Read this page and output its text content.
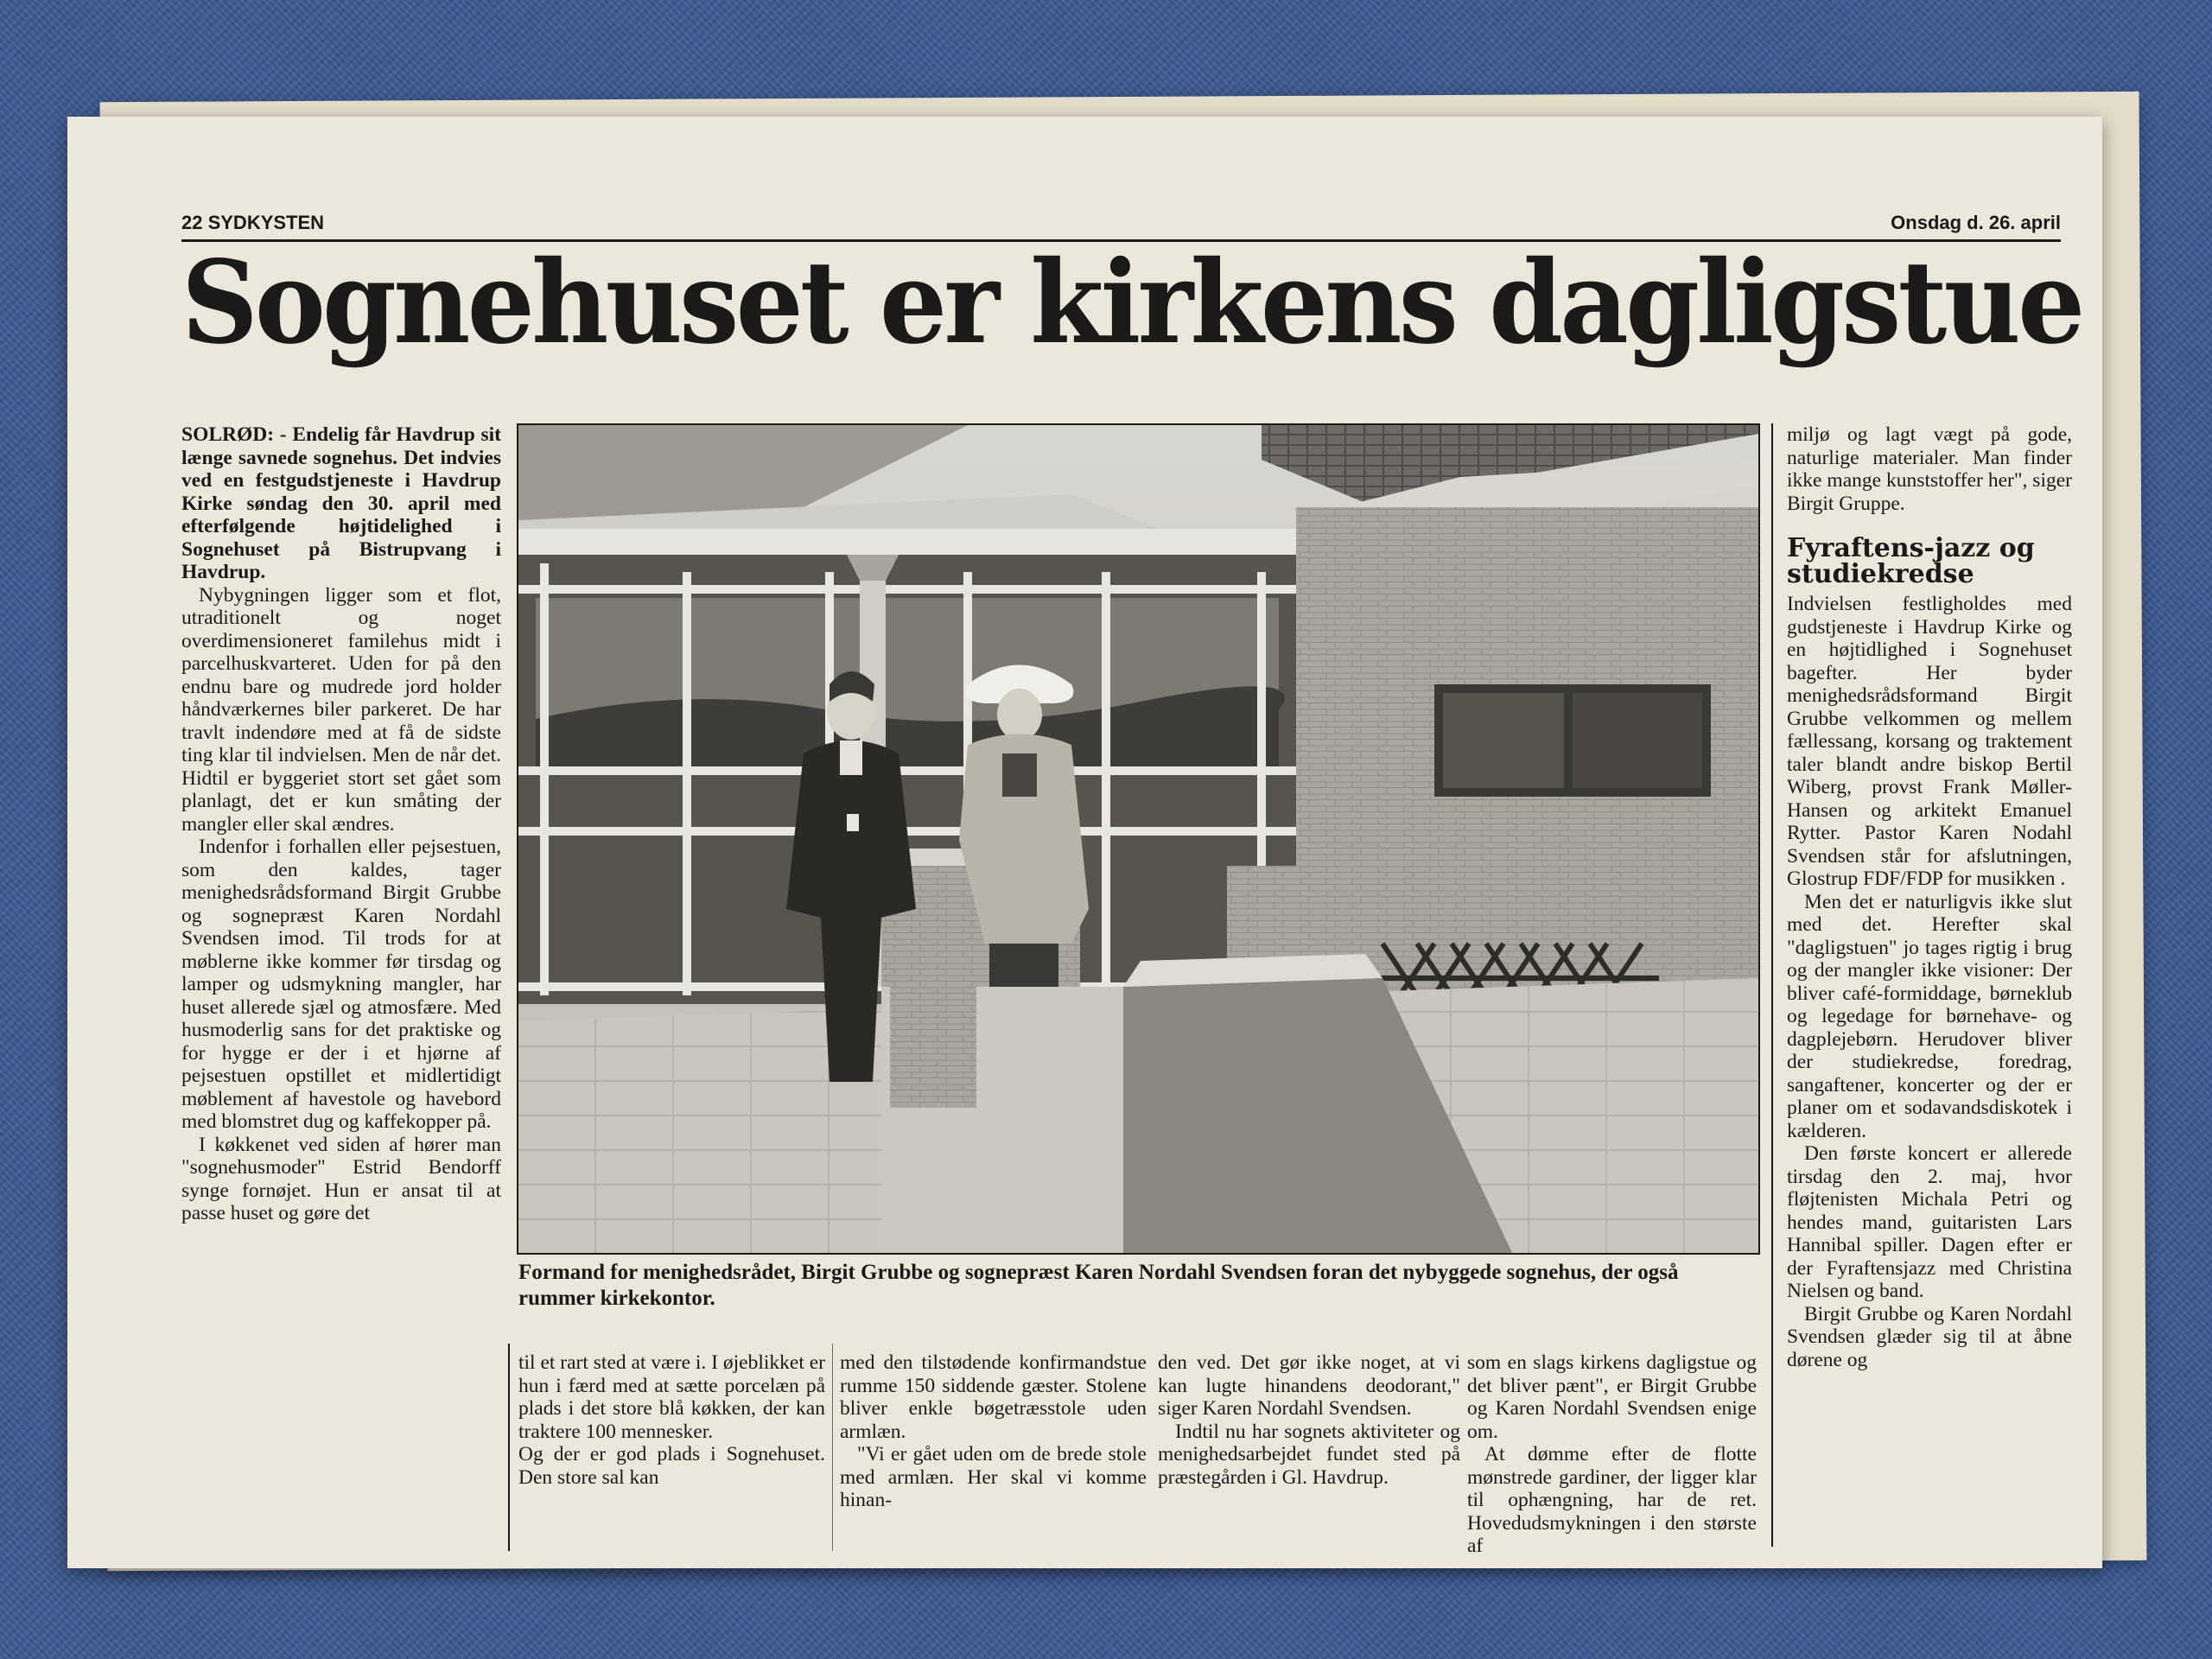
22 SYDKYSTEN	Onsdag d. 26. april
Sognehuset er kirkens dagligstue

SOLRØD: - Endelig får Havdrup sit længe savnede sognehus. Det indvies ved en festgudstjeneste i Havdrup Kirke søndag den 30. april med efterfølgende højtidelighed i Sognehuset på Bistrupvang i Havdrup.

Nybygningen ligger som et flot, utraditionelt og noget overdimensioneret familehus midt i parcelhuskvarteret. Uden for på den endnu bare og mudrede jord holder håndværkernes biler parkeret. De har travlt indendøre med at få de sidste ting klar til indvielsen. Men de når det. Hidtil er byggeriet stort set gået som planlagt, det er kun småting der mangler eller skal ændres.

Indenfor i forhallen eller pejsestuen, som den kaldes, tager menighedsrådsformand Birgit Grubbe og sognepræst Karen Nordahl Svendsen imod. Til trods for at møblerne ikke kommer før tirsdag og lamper og udsmykning mangler, har huset allerede sjæl og atmosfære. Med husmoderlig sans for det praktiske og for hygge er der i et hjørne af pejsestuen opstillet et midlertidigt møblement af havestole og havebord med blomstret dug og kaffekopper på.

I køkkenet ved siden af hører man "sognehusmoder" Estrid Bendorff synge fornøjet. Hun er ansat til at passe huset og gøre det

Formand for menighedsrådet, Birgit Grubbe og sognepræst Karen Nordahl Svendsen foran det nybyggede sognehus, der også rummer kirkekontor.

til et rart sted at være i. I øjeblikket er hun i færd med at sætte porcelæn på plads i det store blå køkken, der kan traktere 100 mennesker.

Og der er god plads i Sognehuset. Den store sal kan

med den tilstødende konfirmandstue rumme 150 siddende gæster. Stolene bliver enkle bøgetræsstole uden armlæn.

"Vi er gået uden om de brede stole med armlæn. Her skal vi komme hinan-

den ved. Det gør ikke noget, at vi kan lugte hinandens deodorant," siger Karen Nordahl Svendsen.

Indtil nu har sognets aktiviteter og menighedsarbejdet fundet sted på præstegården i Gl. Havdrup.

som en slags kirkens dagligstue og det bliver pænt", er Birgit Grubbe og Karen Nordahl Svendsen enige om.

At dømme efter de flotte mønstrede gardiner, der ligger klar til ophængning, har de ret. Hovedudsmykningen i den største af

miljø og lagt vægt på gode, naturlige materialer. Man finder ikke mange kunststoffer her", siger Birgit Gruppe.

Fyraftens-jazz og studiekredse

Indvielsen festligholdes med gudstjeneste i Havdrup Kirke og en højtidlighed i Sognehuset bagefter. Her byder menighedsrådsformand Birgit Grubbe velkommen og mellem fællessang, korsang og traktement taler blandt andre biskop Bertil Wiberg, provst Frank Møller-Hansen og arkitekt Emanuel Rytter. Pastor Karen Nodahl Svendsen står for afslutningen, Glostrup FDF/FDP for musikken .

Men det er naturligvis ikke slut med det. Herefter skal "dagligstuen" jo tages rigtig i brug og der mangler ikke visioner: Der bliver café-formiddage, børneklub og legedage for børnehave- og dagplejebørn. Herudover bliver der studiekredse, foredrag, sangaftener, koncerter og der er planer om et sodavandsdiskotek i kælderen.

Den første koncert er allerede tirsdag den 2. maj, hvor fløjtenisten Michala Petri og hendes mand, guitaristen Lars Hannibal spiller. Dagen efter er der Fyraftensjazz med Christina Nielsen og band.

Birgit Grubbe og Karen Nordahl Svendsen glæder sig til at åbne dørene og
